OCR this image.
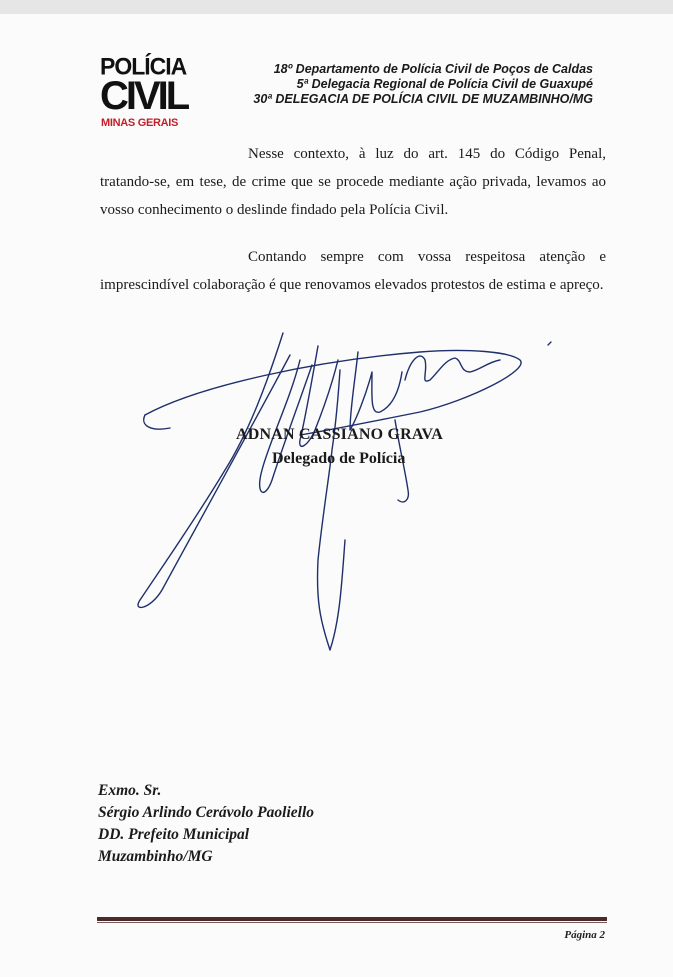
POLÍCIA
CIVIL
MINAS GERAIS
18º Departamento de Polícia Civil de Poços de Caldas
5ª Delegacia Regional de Polícia Civil de Guaxupé
30ª DELEGACIA DE POLÍCIA CIVIL DE MUZAMBINHO/MG
Nesse contexto, à luz do art. 145 do Código Penal, tratando-se, em tese, de crime que se procede mediante ação privada, levamos ao vosso conhecimento o deslinde findado pela Polícia Civil.
Contando sempre com vossa respeitosa atenção e imprescindível colaboração é que renovamos elevados protestos de estima e apreço.
ADNAN CASSIANO GRAVA
Delegado de Polícia
Exmo. Sr.
Sérgio Arlindo Cerávolo Paoliello
DD. Prefeito Municipal
Muzambinho/MG
Página 2
